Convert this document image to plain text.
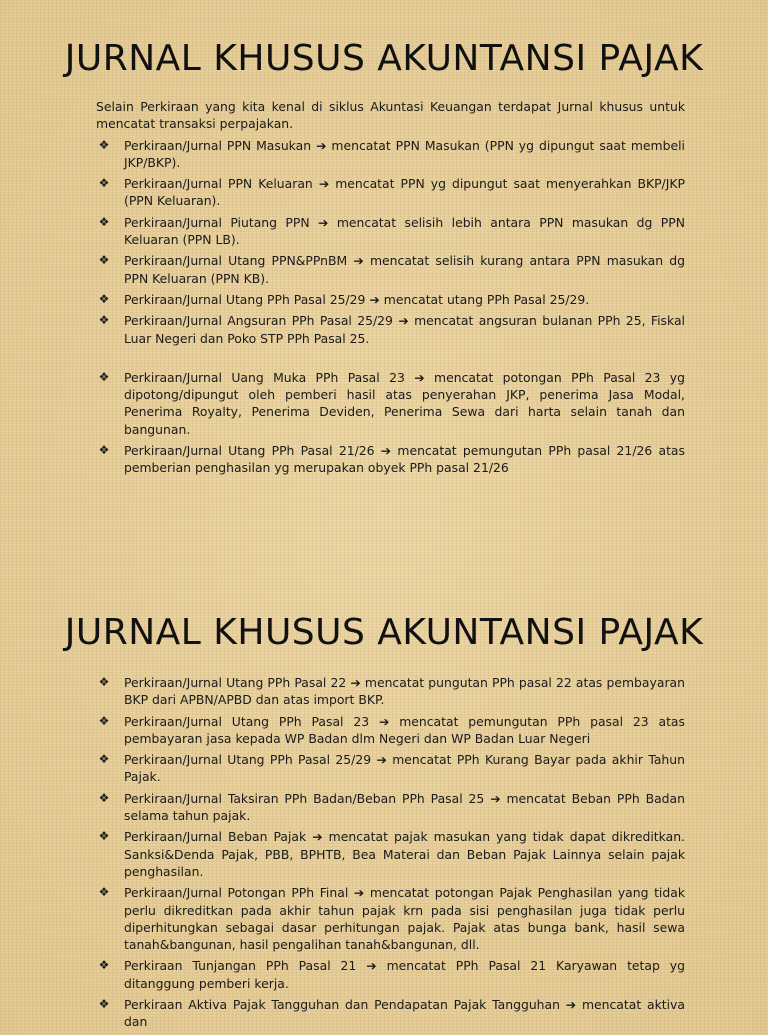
JURNAL KHUSUS AKUNTANSI PAJAK

Selain Perkiraan yang kita kenal di siklus Akuntasi Keuangan terdapat Jurnal khusus untuk mencatat transaksi perpajakan.

❖ Perkiraan/Jurnal PPN Masukan ➔ mencatat PPN Masukan (PPN yg dipungut saat membeli JKP/BKP).
❖ Perkiraan/Jurnal PPN Keluaran ➔ mencatat PPN yg dipungut saat menyerahkan BKP/JKP (PPN Keluaran).
❖ Perkiraan/Jurnal Piutang PPN ➔ mencatat selisih lebih antara PPN masukan dg PPN Keluaran (PPN LB).
❖ Perkiraan/Jurnal Utang PPN&PPnBM ➔ mencatat selisih kurang antara PPN masukan dg PPN Keluaran (PPN KB).
❖ Perkiraan/Jurnal Utang PPh Pasal 25/29 ➔ mencatat utang PPh Pasal 25/29.
❖ Perkiraan/Jurnal Angsuran PPh Pasal 25/29 ➔ mencatat angsuran bulanan PPh 25, Fiskal Luar Negeri dan Poko STP PPh Pasal 25.
❖ Perkiraan/Jurnal Uang Muka PPh Pasal 23 ➔ mencatat potongan PPh Pasal 23 yg dipotong/dipungut oleh pemberi hasil atas penyerahan JKP, penerima Jasa Modal, Penerima Royalty, Penerima Deviden, Penerima Sewa dari harta selain tanah dan bangunan.
❖ Perkiraan/Jurnal Utang PPh Pasal 21/26 ➔ mencatat pemungutan PPh pasal 21/26 atas pemberian penghasilan yg merupakan obyek PPh pasal 21/26
JURNAL KHUSUS AKUNTANSI PAJAK
❖ Perkiraan/Jurnal Utang PPh Pasal 22 ➔ mencatat pungutan PPh pasal 22 atas pembayaran BKP dari APBN/APBD dan atas import BKP.
❖ Perkiraan/Jurnal Utang PPh Pasal 23 ➔ mencatat pemungutan PPh pasal 23 atas pembayaran jasa kepada WP Badan dlm Negeri dan WP Badan Luar Negeri
❖ Perkiraan/Jurnal Utang PPh Pasal 25/29 ➔ mencatat PPh Kurang Bayar pada akhir Tahun Pajak.
❖ Perkiraan/Jurnal Taksiran PPh Badan/Beban PPh Pasal 25 ➔ mencatat Beban PPh Badan selama tahun pajak.
❖ Perkiraan/Jurnal Beban Pajak ➔ mencatat pajak masukan yang tidak dapat dikreditkan. Sanksi&Denda Pajak, PBB, BPHTB, Bea Materai dan Beban Pajak Lainnya selain pajak penghasilan.
❖ Perkiraan/Jurnal Potongan PPh Final ➔ mencatat potongan Pajak Penghasilan yang tidak perlu dikreditkan pada akhir tahun pajak krn pada sisi penghasilan juga tidak perlu diperhitungkan sebagai dasar perhitungan pajak. Pajak atas bunga bank, hasil sewa tanah&bangunan, hasil pengalihan tanah&bangunan, dll.
❖ Perkiraan Tunjangan PPh Pasal 21 ➔ mencatat PPh Pasal 21 Karyawan tetap yg ditanggung pemberi kerja.
❖ Perkiraan Aktiva Pajak Tangguhan dan Pendapatan Pajak Tangguhan ➔ mencatat aktiva dan
